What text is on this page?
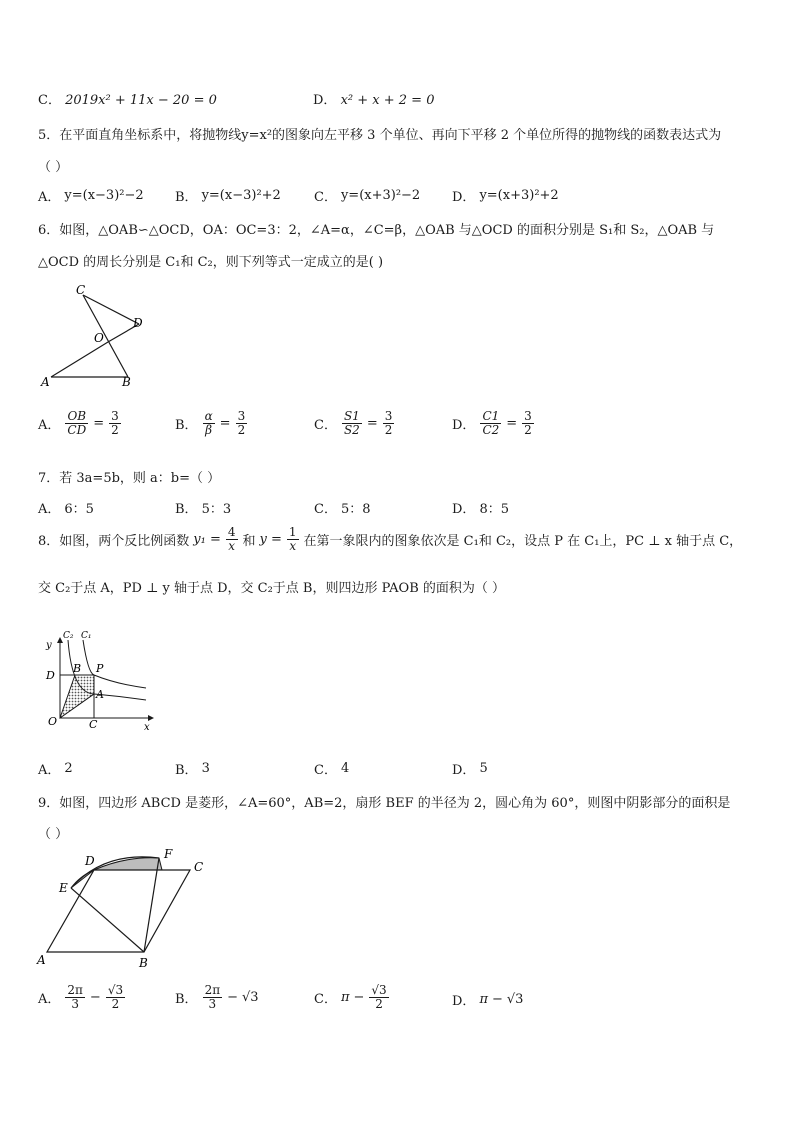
C． 2019x² + 11x − 20 = 0	D． x² + x + 2 = 0
5．在平面直角坐标系中，将抛物线y=x²的图象向左平移 3 个单位、再向下平移 2 个单位所得的抛物线的函数表达式为
（ ）
A． y=(x−3)²−2 B． y=(x−3)²+2	C． y=(x+3)²−2 D． y=(x+3)²+2
6．如图，△OAB∽△OCD，OA：OC=3：2，∠A=α，∠C=β，△OAB 与△OCD 的面积分别是 S₁和 S₂，△OAB 与
△OCD 的周长分别是 C₁和 C₂，则下列等式一定成立的是( )
C
D
O
A	B
A． $\frac{OB}{CD} = \frac{3}{2}$	B． $\frac{\alpha}{\beta} = \frac{3}{2}$	C． $\frac{S1}{S2} = \frac{3}{2}$	D． $\frac{C1}{C2} = \frac{3}{2}$
7．若 3a=5b，则 a：b=（ ）
A． 6：5	B． 5：3	C． 5：8	D． 8：5
8．如图，两个反比例函数 $y_1 = \frac{4}{x}$ 和 $y = \frac{1}{x}$ 在第一象限内的图象依次是 C₁和 C₂，设点 P 在 C₁上，PC ⊥ x 轴于点 C，
交 C₂于点 A，PD ⊥ y 轴于点 D，交 C₂于点 B，则四边形 PAOB 的面积为（ ）
y
x
C₂ C₁
D
B P
A
O	C
A． 2	B． 3	C． 4	D． 5
9．如图，四边形 ABCD 是菱形，∠A=60°，AB=2，扇形 BEF 的半径为 2，圆心角为 60°，则图中阴影部分的面积是
（ ）
D	F
C
E
A	B
A． $\frac{2\pi}{3} - \frac{√3}{2}$	B． $\frac{2\pi}{3} - √3$	C． $\pi - \frac{√3}{2}$	D． π − √3
